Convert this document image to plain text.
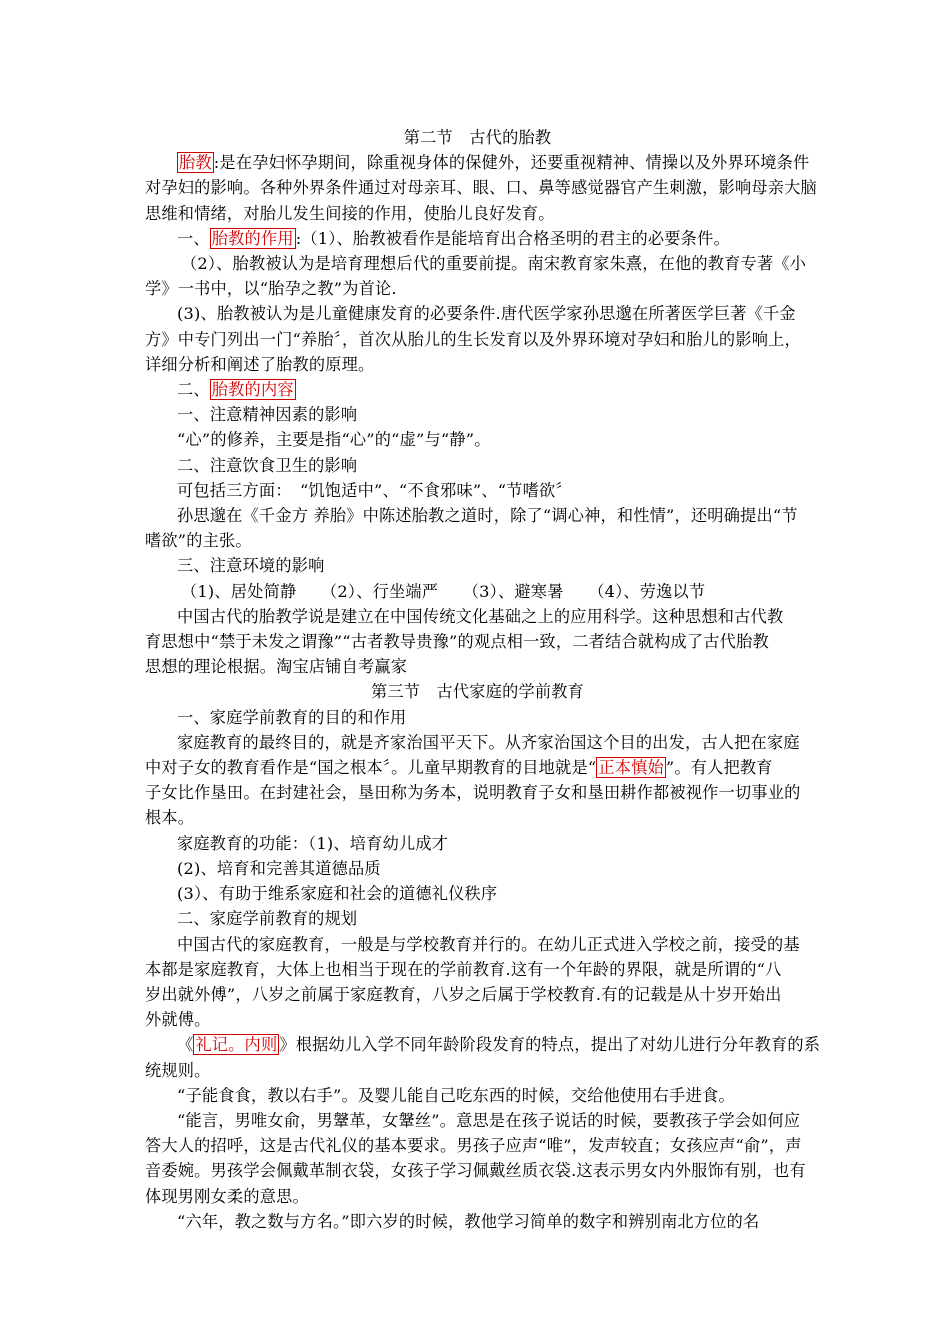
第二节　古代的胎教
胎教 :是在孕妇怀孕期间，除重视身体的保健外，还要重视精神、情操以及外界环境条件
对孕妇的影响。各种外界条件通过对母亲耳、眼、口、鼻等感觉器官产生刺激，影响母亲大脑
思维和情绪，对胎儿发生间接的作用，使胎儿良好发育。
一、 胎教的作用 :（1）、胎教被看作是能培育出合格圣明的君主的必要条件。
（2）、胎教被认为是培育理想后代的重要前提。南宋教育家朱熹，在他的教育专著《小
学》一书中，以“胎孕之教”为首论.
(3)、胎教被认为是儿童健康发育的必要条件.唐代医学家孙思邈在所著医学巨著《千金
方》中专门列出一门“养胎〞，首次从胎儿的生长发育以及外界环境对孕妇和胎儿的影响上，
详细分析和阐述了胎教的原理。
二、 胎教的内容
一、注意精神因素的影响
“心”的修养，主要是指“心”的“虚”与“静”。
二、注意饮食卫生的影响
可包括三方面：　“饥饱适中”、“不食邪味”、“节嗜欲〞
孙思邈在《千金方 养胎》中陈述胎教之道时，除了“调心神，和性情”，还明确提出“节
嗜欲”的主张。
三、注意环境的影响
（1)、居处简静　　（2）、行坐端严　　（3）、避寒暑　　（4）、劳逸以节
中国古代的胎教学说是建立在中国传统文化基础之上的应用科学。这种思想和古代教
育思想中“禁于未发之谓豫”“古者教导贵豫”的观点相一致，二者结合就构成了古代胎教
思想的理论根据。淘宝店铺自考赢家
第三节　古代家庭的学前教育
一、家庭学前教育的目的和作用
家庭教育的最终目的，就是齐家治国平天下。从齐家治国这个目的出发，古人把在家庭
中对子女的教育看作是“国之根本〞。儿童早期教育的目地就是“ 正本慎始 ”。有人把教育
子女比作垦田。在封建社会，垦田称为务本，说明教育子女和垦田耕作都被视作一切事业的
根本。
家庭教育的功能：（1)、培育幼儿成才
(2)、培育和完善其道德品质
(3）、有助于维系家庭和社会的道德礼仪秩序
二、家庭学前教育的规划
中国古代的家庭教育，一般是与学校教育并行的。在幼儿正式进入学校之前，接受的基
本都是家庭教育，大体上也相当于现在的学前教育.这有一个年龄的界限，就是所谓的“八
岁出就外傅”，八岁之前属于家庭教育，八岁之后属于学校教育.有的记载是从十岁开始出
外就傅。
《 礼记。内则 》根据幼儿入学不同年龄阶段发育的特点，提出了对幼儿进行分年教育的系
统规则。
“子能食食，教以右手”。及婴儿能自己吃东西的时候，交给他使用右手进食。
“能言，男唯女俞，男鞶革，女鞶丝”。意思是在孩子说话的时候，要教孩子学会如何应
答大人的招呼，这是古代礼仪的基本要求。男孩子应声“唯”，发声较直；女孩应声“俞”，声
音委婉。男孩学会佩戴革制衣袋，女孩子学习佩戴丝质衣袋.这表示男女内外服饰有别，也有
体现男刚女柔的意思。
“六年，教之数与方名。”即六岁的时候，教他学习简单的数字和辨别南北方位的名
